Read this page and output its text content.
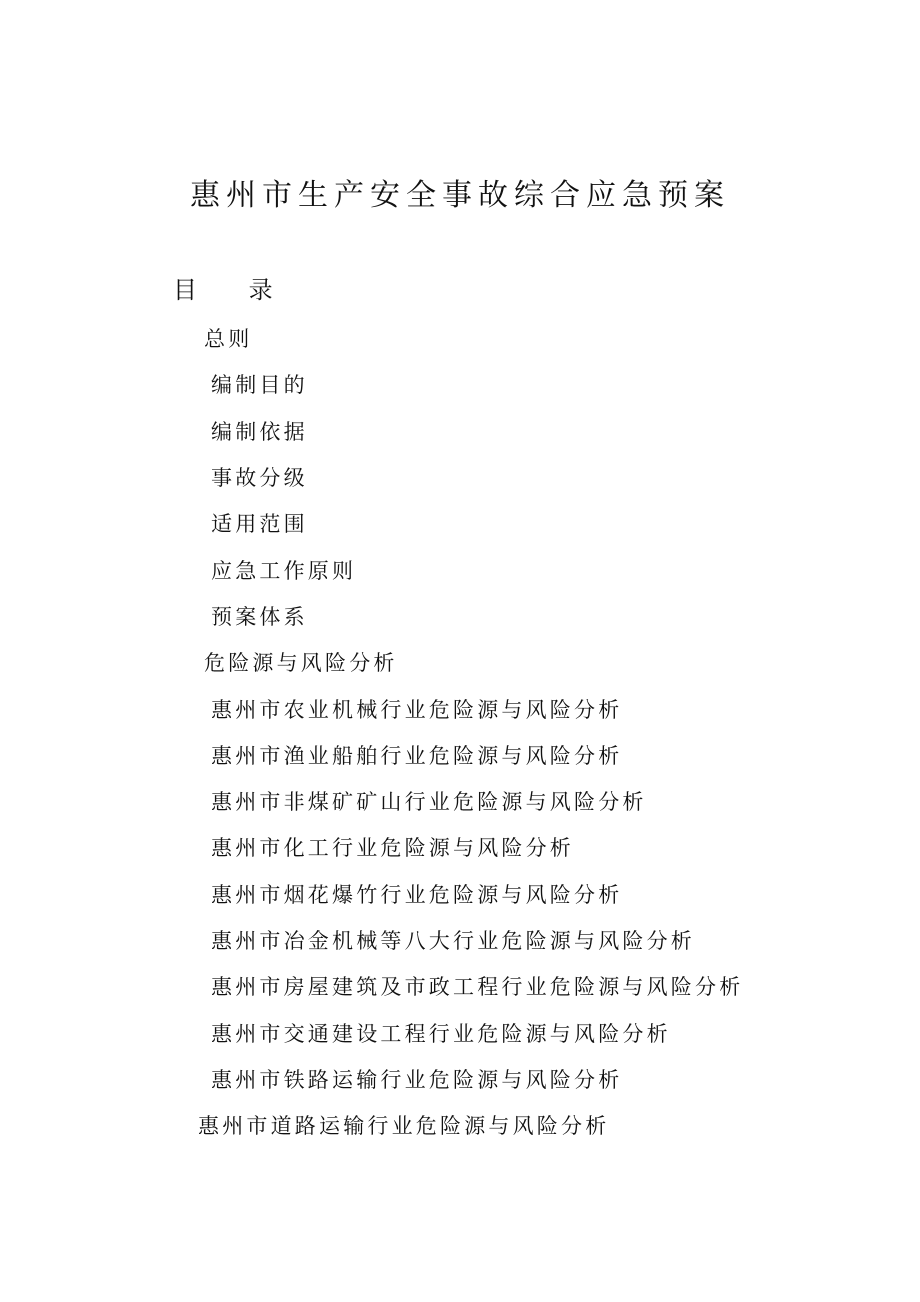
惠州市生产安全事故综合应急预案
目 录
总则
编制目的
编制依据
事故分级
适用范围
应急工作原则
预案体系
危险源与风险分析
惠州市农业机械行业危险源与风险分析
惠州市渔业船舶行业危险源与风险分析
惠州市非煤矿矿山行业危险源与风险分析
惠州市化工行业危险源与风险分析
惠州市烟花爆竹行业危险源与风险分析
惠州市冶金机械等八大行业危险源与风险分析
惠州市房屋建筑及市政工程行业危险源与风险分析
惠州市交通建设工程行业危险源与风险分析
惠州市铁路运输行业危险源与风险分析
惠州市道路运输行业危险源与风险分析
